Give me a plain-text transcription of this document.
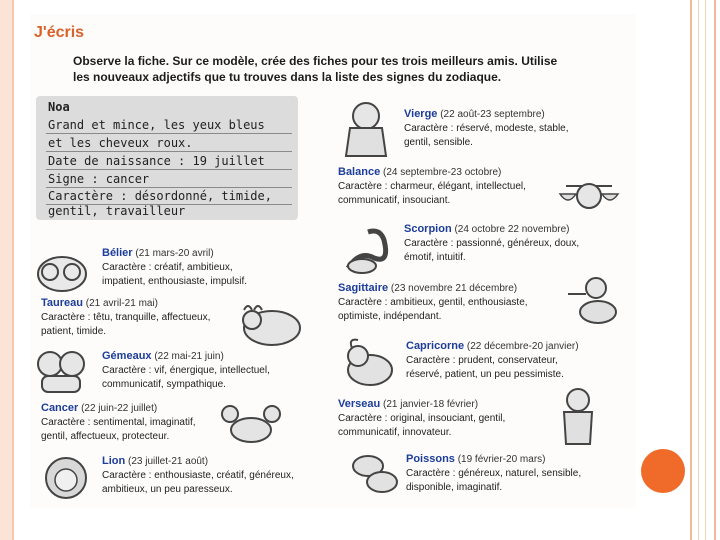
J'écris
Observe la fiche. Sur ce modèle, crée des fiches pour tes trois meilleurs amis. Utilise les nouveaux adjectifs que tu trouves dans la liste des signes du zodiaque.
Noa
Grand et mince, les yeux bleus
et les cheveux roux.
Date de naissance : 19 juillet
Signe : cancer
Caractère : désordonné, timide,
gentil, travailleur
Bélier (21 mars-20 avril)
Caractère : créatif, ambitieux,
impatient, enthousiaste, impulsif.
Taureau (21 avril-21 mai)
Caractère : têtu, tranquille, affectueux,
patient, timide.
Gémeaux (22 mai-21 juin)
Caractère : vif, énergique, intellectuel,
communicatif, sympathique.
Cancer (22 juin-22 juillet)
Caractère : sentimental, imaginatif,
gentil, affectueux, protecteur.
Lion (23 juillet-21 août)
Caractère : enthousiaste, créatif, généreux,
ambitieux, un peu paresseux.
Vierge (22 août-23 septembre)
Caractère : réservé, modeste, stable,
gentil, sensible.
Balance (24 septembre-23 octobre)
Caractère : charmeur, élégant, intellectuel,
communicatif, insouciant.
Scorpion (24 octobre 22 novembre)
Caractère : passionné, généreux, doux,
émotif, intuitif.
Sagittaire (23 novembre 21 décembre)
Caractère : ambitieux, gentil, enthousiaste,
optimiste, indépendant.
Capricorne (22 décembre-20 janvier)
Caractère : prudent, conservateur,
réservé, patient, un peu pessimiste.
Verseau (21 janvier-18 février)
Caractère : original, insouciant, gentil,
communicatif, innovateur.
Poissons (19 février-20 mars)
Caractère : généreux, naturel, sensible,
disponible, imaginatif.
